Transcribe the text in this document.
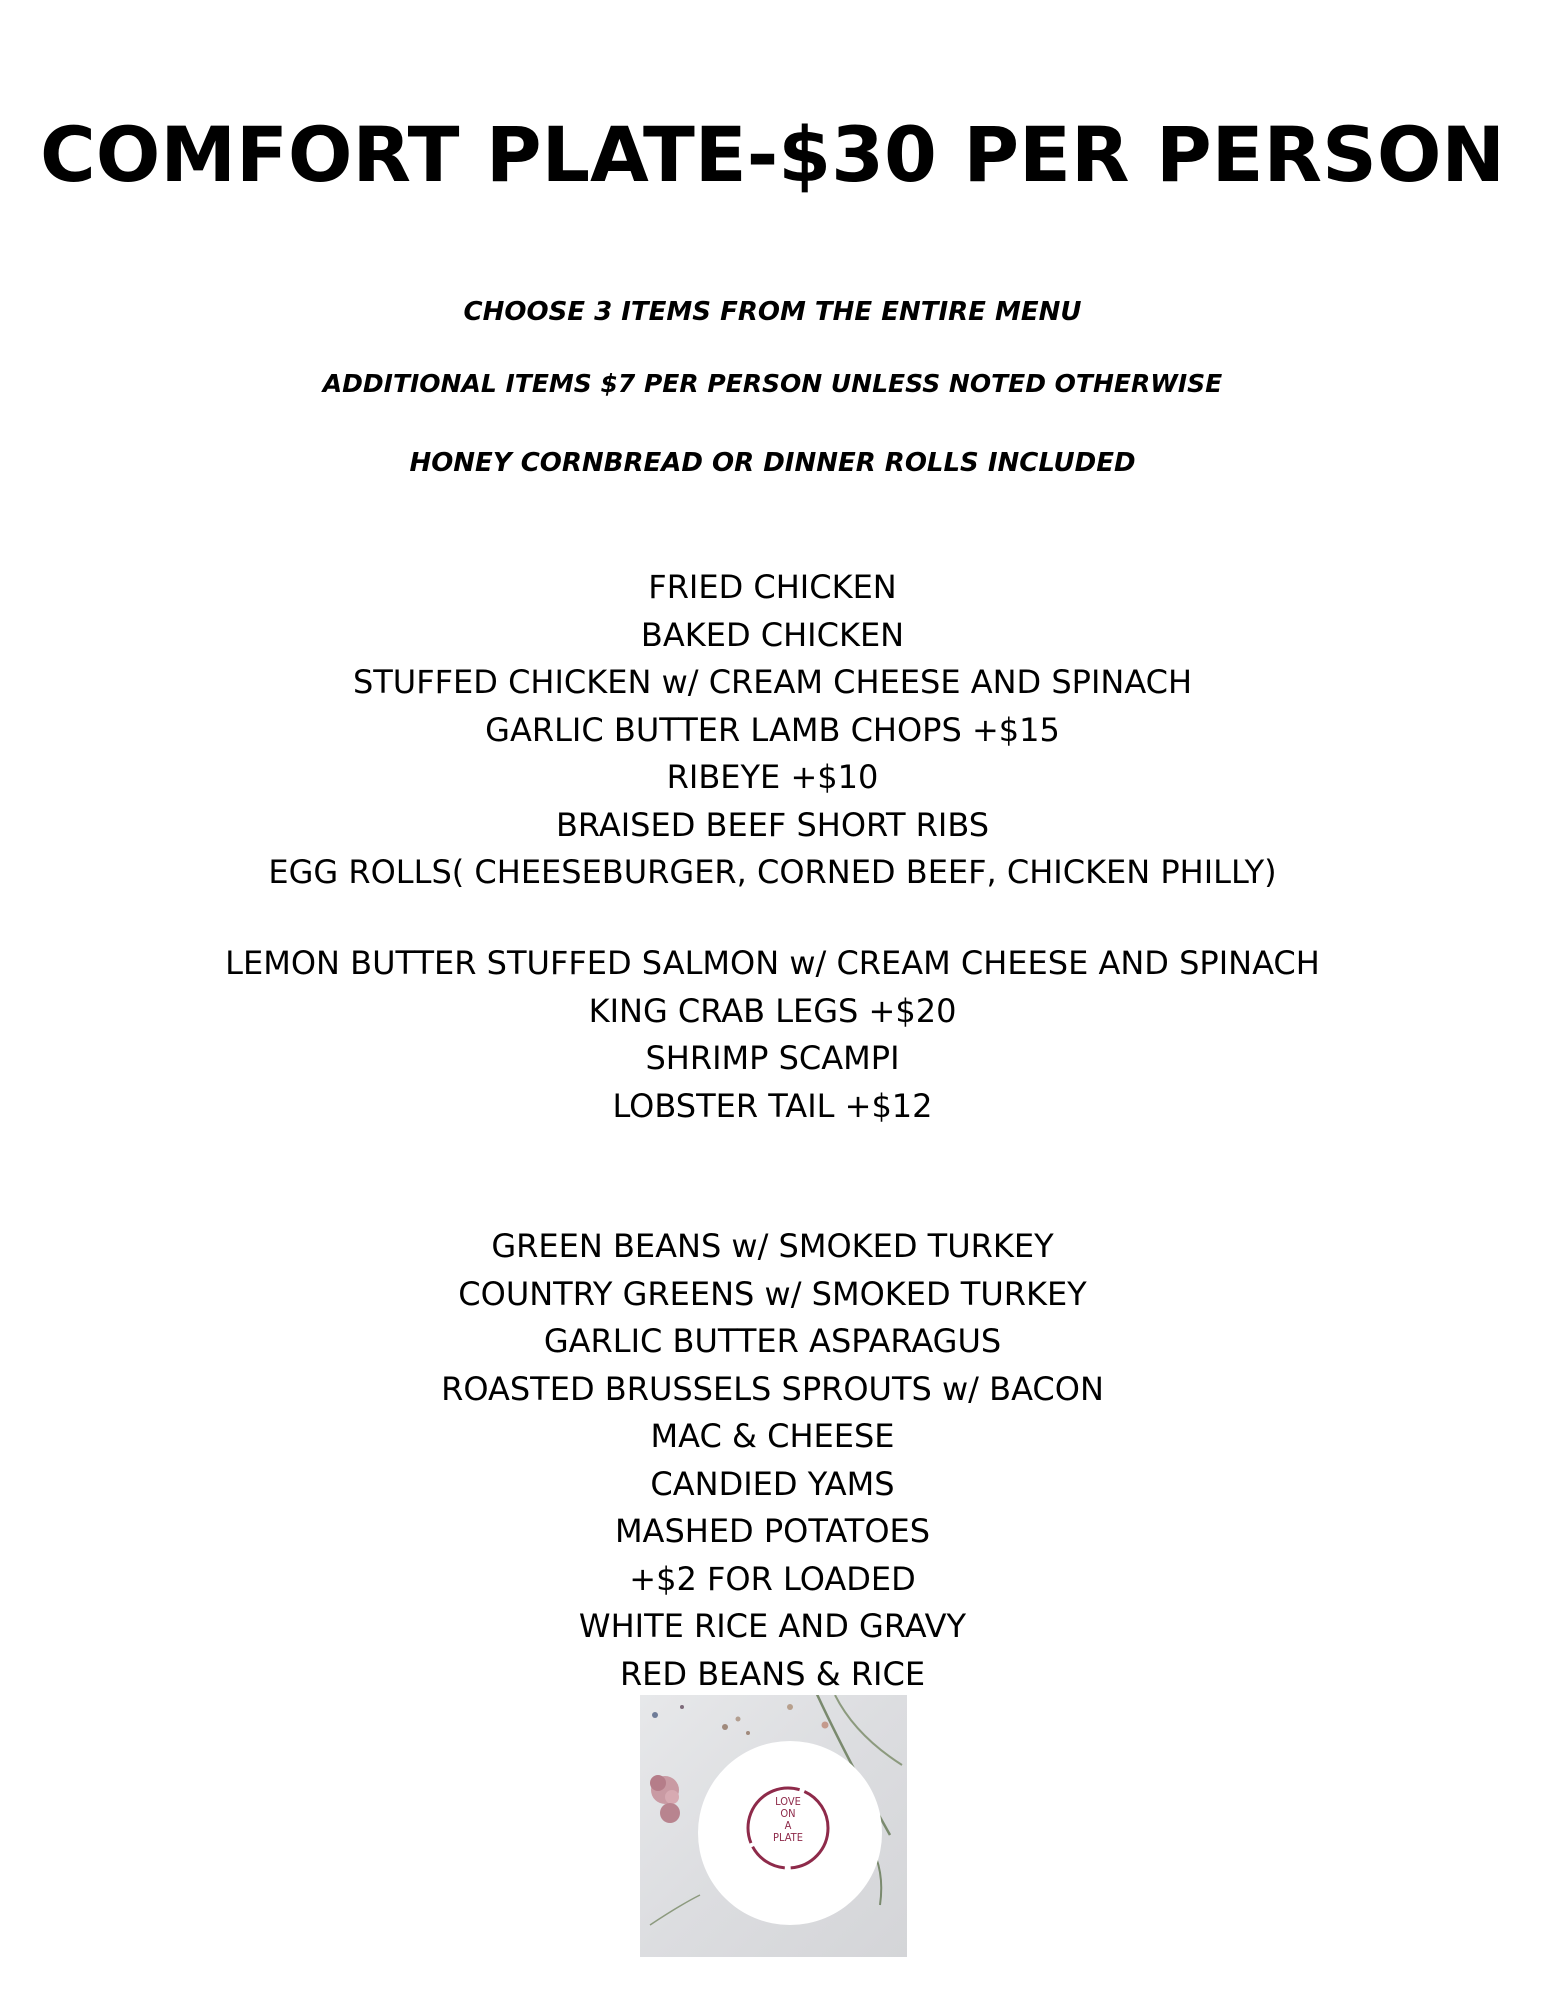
COMFORT PLATE-$30 PER PERSON
CHOOSE 3 ITEMS FROM THE ENTIRE MENU
ADDITIONAL ITEMS $7 PER PERSON UNLESS NOTED OTHERWISE
HONEY CORNBREAD OR DINNER ROLLS INCLUDED
FRIED CHICKEN
BAKED CHICKEN
STUFFED CHICKEN w/ CREAM CHEESE AND SPINACH
GARLIC BUTTER LAMB CHOPS +$15
RIBEYE +$10
BRAISED BEEF SHORT RIBS
EGG ROLLS( CHEESEBURGER, CORNED BEEF, CHICKEN PHILLY)
LEMON BUTTER STUFFED SALMON w/ CREAM CHEESE AND SPINACH
KING CRAB LEGS +$20
SHRIMP SCAMPI
LOBSTER TAIL +$12
GREEN BEANS w/ SMOKED TURKEY
COUNTRY GREENS w/ SMOKED TURKEY
GARLIC BUTTER ASPARAGUS
ROASTED BRUSSELS SPROUTS w/ BACON
MAC & CHEESE
CANDIED YAMS
MASHED POTATOES
+$2 FOR LOADED
WHITE RICE AND GRAVY
RED BEANS & RICE
LOVE
ON
A
PLATE
